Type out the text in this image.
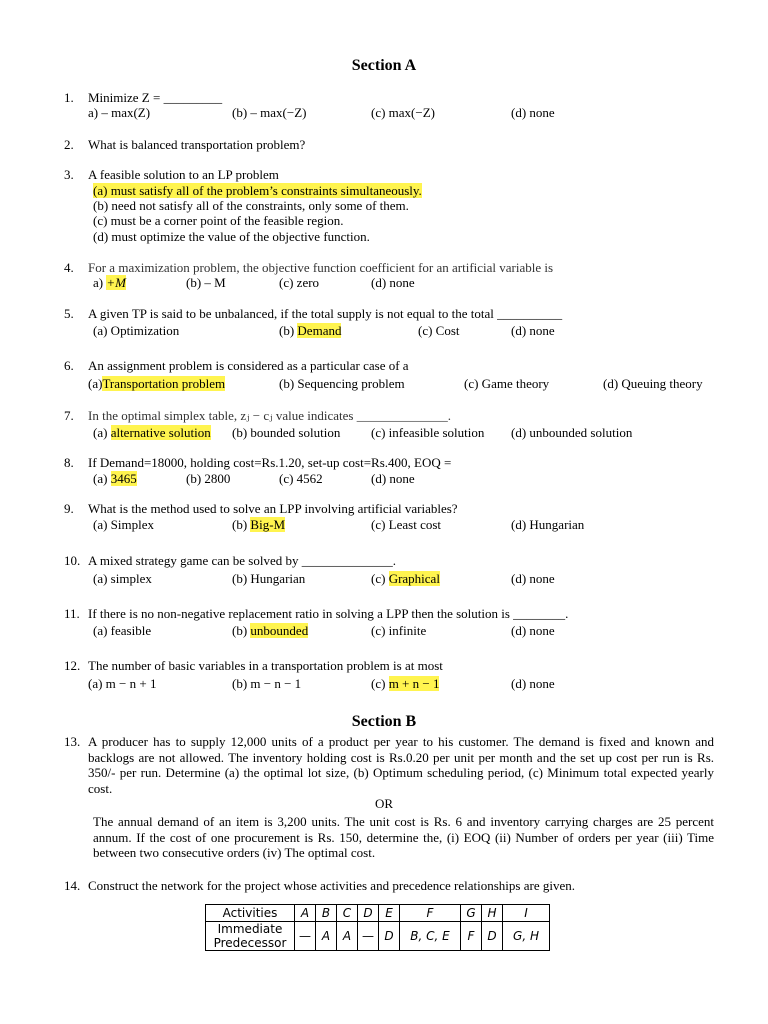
Section A
1. Minimize Z = _________
a) – max(Z)	(b) – max(−Z)	(c) max(−Z)	(d) none
2. What is balanced transportation problem?
3. A feasible solution to an LP problem
(a) must satisfy all of the problem’s constraints simultaneously.
(b) need not satisfy all of the constraints, only some of them.
(c) must be a corner point of the feasible region.
(d) must optimize the value of the objective function.
4. For a maximization problem, the objective function coefficient for an artificial variable is
a) +M	(b) – M	(c) zero	(d) none
5. A given TP is said to be unbalanced, if the total supply is not equal to the total __________
(a) Optimization	(b) Demand	(c) Cost	(d) none
6. An assignment problem is considered as a particular case of a
(a)Transportation problem	(b) Sequencing problem	(c) Game theory	(d) Queuing theory
7. In the optimal simplex table, zⱼ − cⱼ value indicates ______________.
(a) alternative solution (b) bounded solution (c) infeasible solution (d) unbounded solution
8. If Demand=18000, holding cost=Rs.1.20, set-up cost=Rs.400, EOQ =
(a) 3465	(b) 2800	(c) 4562	(d) none
9. What is the method used to solve an LPP involving artificial variables?
(a) Simplex	(b) Big-M	(c) Least cost	(d) Hungarian
10. A mixed strategy game can be solved by ______________.
(a) simplex	(b) Hungarian	(c) Graphical	(d) none
11. If there is no non-negative replacement ratio in solving a LPP then the solution is ________.
(a) feasible	(b) unbounded	(c) infinite	(d) none
12. The number of basic variables in a transportation problem is at most
(a) m − n + 1	(b) m − n − 1	(c) m + n − 1	(d) none
Section B
13. A producer has to supply 12,000 units of a product per year to his customer. The demand is fixed and known and backlogs are not allowed. The inventory holding cost is Rs.0.20 per unit per month and the set up cost per run is Rs. 350/- per run. Determine (a) the optimal lot size, (b) Optimum scheduling period, (c) Minimum total expected yearly cost.
OR
The annual demand of an item is 3,200 units. The unit cost is Rs. 6 and inventory carrying charges are 25 percent annum. If the cost of one procurement is Rs. 150, determine the, (i) EOQ (ii) Number of orders per year (iii) Time between two consecutive orders (iv) The optimal cost.
14. Construct the network for the project whose activities and precedence relationships are given.
Activities	A	B	C	D	E	F	G	H	I
Immediate Predecessor	—	A	A	—	D	B, C, E	F	D	G, H
